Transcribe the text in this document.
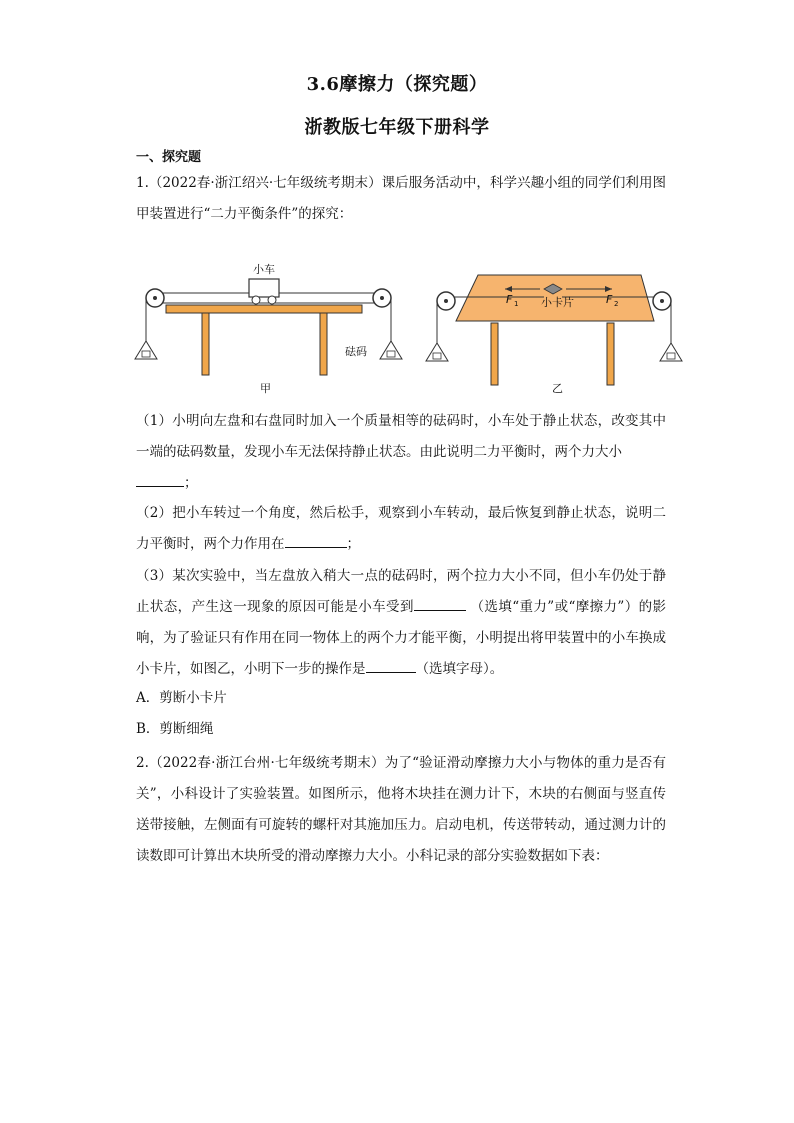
3.6摩擦力（探究题）
浙教版七年级下册科学
一、探究题
1.（2022春·浙江绍兴·七年级统考期末）课后服务活动中，科学兴趣小组的同学们利用图甲装置进行“二力平衡条件”的探究：
小车
砝码
甲
小卡片
F 1	F 2
乙
（1）小明向左盘和右盘同时加入一个质量相等的砝码时，小车处于静止状态，改变其中一端的砝码数量，发现小车无法保持静止状态。由此说明二力平衡时，两个力大小
；
（2）把小车转过一个角度，然后松手，观察到小车转动，最后恢复到静止状态，说明二力平衡时，两个力作用在	；
（3）某次实验中，当左盘放入稍大一点的砝码时，两个拉力大小不同，但小车仍处于静止状态，产生这一现象的原因可能是小车受到	（选填“重力”或“摩擦力”）的影响，为了验证只有作用在同一物体上的两个力才能平衡，小明提出将甲装置中的小车换成小卡片，如图乙，小明下一步的操作是	（选填字母）。
A．剪断小卡片
B．剪断细绳
2.（2022春·浙江台州·七年级统考期末）为了“验证滑动摩擦力大小与物体的重力是否有关”，小科设计了实验装置。如图所示，他将木块挂在测力计下，木块的右侧面与竖直传送带接触，左侧面有可旋转的螺杆对其施加压力。启动电机，传送带转动，通过测力计的读数即可计算出木块所受的滑动摩擦力大小。小科记录的部分实验数据如下表：
